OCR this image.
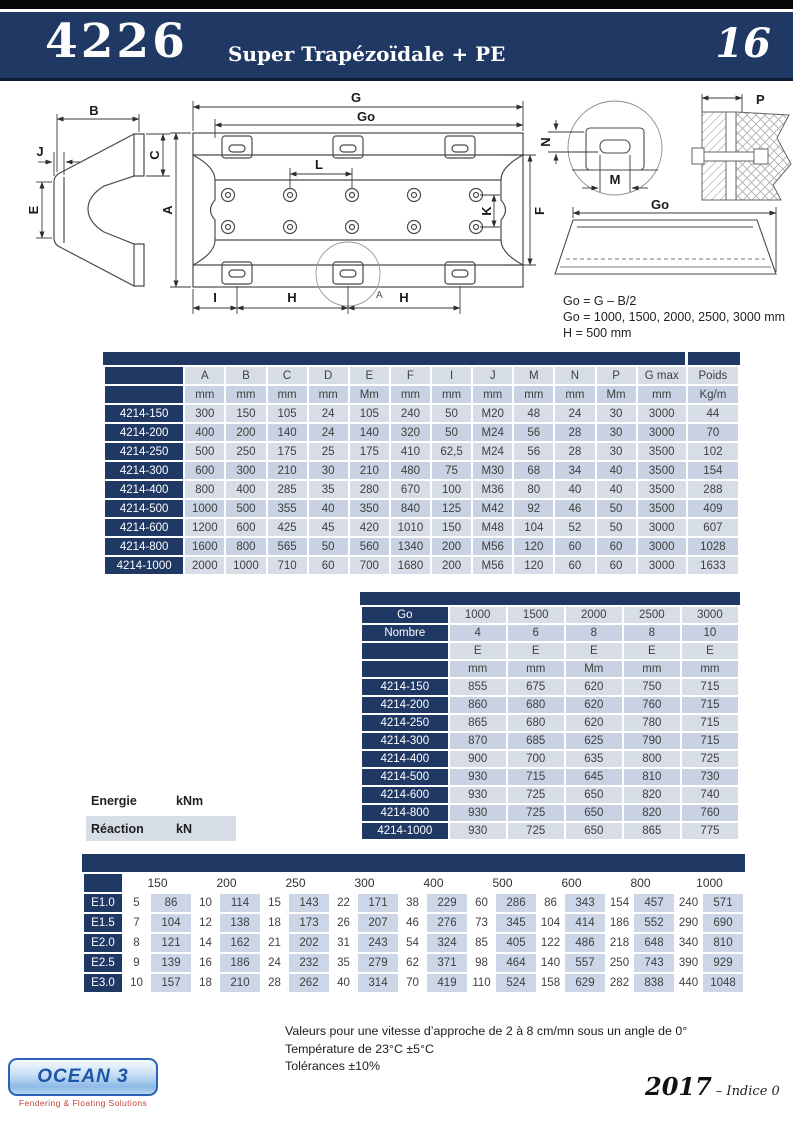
4226 Super Trapézoïdale + PE	16
B
J	C
E
G
Go
A
L
K	F
I	H	H
A
N
M
P
Go
Go = G – B/2
Go = 1000, 1500, 2000, 2500, 3000 mm
H = 500 mm
	A	B	C	D	E	F	I	J	M	N	P	G max	Poids
	mm	mm	mm	mm	Mm	mm	mm	mm	mm	mm	Mm	mm	Kg/m
4214-150	300	150	105	24	105	240	50	M20	48	24	30	3000	44
4214-200	400	200	140	24	140	320	50	M24	56	28	30	3000	70
4214-250	500	250	175	25	175	410	62,5	M24	56	28	30	3500	102
4214-300	600	300	210	30	210	480	75	M30	68	34	40	3500	154
4214-400	800	400	285	35	280	670	100	M36	80	40	40	3500	288
4214-500	1000	500	355	40	350	840	125	M42	92	46	50	3500	409
4214-600	1200	600	425	45	420	1010	150	M48	104	52	50	3000	607
4214-800	1600	800	565	50	560	1340	200	M56	120	60	60	3000	1028
4214-1000	2000	1000	710	60	700	1680	200	M56	120	60	60	3000	1633
Go	1000	1500	2000	2500	3000
Nombre	4	6	8	8	10
	E	E	E	E	E
	mm	mm	Mm	mm	mm
4214-150	855	675	620	750	715
4214-200	860	680	620	760	715
4214-250	865	680	620	780	715
4214-300	870	685	625	790	715
4214-400	900	700	635	800	725
4214-500	930	715	645	810	730
4214-600	930	725	650	820	740
4214-800	930	725	650	820	760
4214-1000	930	725	650	865	775
Energie	kNm
Réaction	kN
	150		200		250		300		400		500		600		800		1000	
E1.0	5	86	10	114	15	143	22	171	38	229	60	286	86	343	154	457	240	571
E1.5	7	104	12	138	18	173	26	207	46	276	73	345	104	414	186	552	290	690
E2.0	8	121	14	162	21	202	31	243	54	324	85	405	122	486	218	648	340	810
E2.5	9	139	16	186	24	232	35	279	62	371	98	464	140	557	250	743	390	929
E3.0	10	157	18	210	28	262	40	314	70	419	110	524	158	629	282	838	440	1048
Valeurs pour une vitesse d’approche de 2 à 8 cm/mn sous un angle de 0°
Température de 23°C ±5°C
Tolérances ±10%
OCEAN 3
Fendering & Floating Solutions
2017 – Indice 0
